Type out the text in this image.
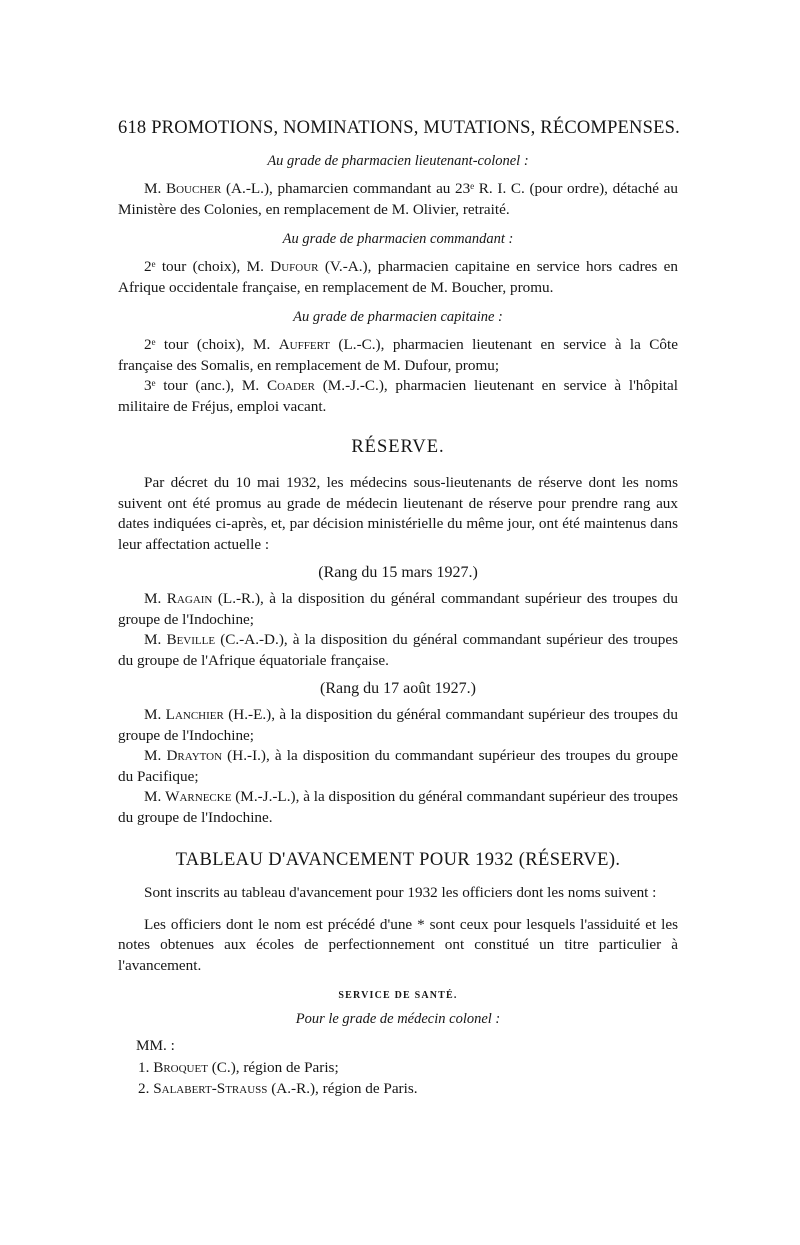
618 PROMOTIONS, NOMINATIONS, MUTATIONS, RÉCOMPENSES.
Au grade de pharmacien lieutenant-colonel :

M. Boucher (A.-L.), phamarcien commandant au 23ᵉ R. I. C. (pour ordre), détaché au Ministère des Colonies, en remplacement de M. Olivier, retraité.

Au grade de pharmacien commandant :

2ᵉ tour (choix), M. Dufour (V.-A.), pharmacien capitaine en service hors cadres en Afrique occidentale française, en remplacement de M. Boucher, promu.

Au grade de pharmacien capitaine :

2ᵉ tour (choix), M. Auffert (L.-C.), pharmacien lieutenant en service à la Côte française des Somalis, en remplacement de M. Dufour, promu;

3ᵉ tour (anc.), M. Coader (M.-J.-C.), pharmacien lieutenant en service à l'hôpital militaire de Fréjus, emploi vacant.

RÉSERVE.

Par décret du 10 mai 1932, les médecins sous-lieutenants de réserve dont les noms suivent ont été promus au grade de médecin lieutenant de réserve pour prendre rang aux dates indiquées ci-après, et, par décision ministérielle du même jour, ont été maintenus dans leur affectation actuelle :

(Rang du 15 mars 1927.)

M. Ragain (L.-R.), à la disposition du général commandant supérieur des troupes du groupe de l'Indochine;

M. Beville (C.-A.-D.), à la disposition du général commandant supérieur des troupes du groupe de l'Afrique équatoriale française.

(Rang du 17 août 1927.)

M. Lanchier (H.-E.), à la disposition du général commandant supérieur des troupes du groupe de l'Indochine;

M. Drayton (H.-I.), à la disposition du commandant supérieur des troupes du groupe du Pacifique;

M. Warnecke (M.-J.-L.), à la disposition du général commandant supérieur des troupes du groupe de l'Indochine.

TABLEAU D'AVANCEMENT POUR 1932 (RÉSERVE).

Sont inscrits au tableau d'avancement pour 1932 les officiers dont les noms suivent :

Les officiers dont le nom est précédé d'une * sont ceux pour lesquels l'assiduité et les notes obtenues aux écoles de perfectionnement ont constitué un titre particulier à l'avancement.

SERVICE DE SANTÉ.
Pour le grade de médecin colonel :
MM. :
1. Broquet (C.), région de Paris;
2. Salabert-Strauss (A.-R.), région de Paris.
